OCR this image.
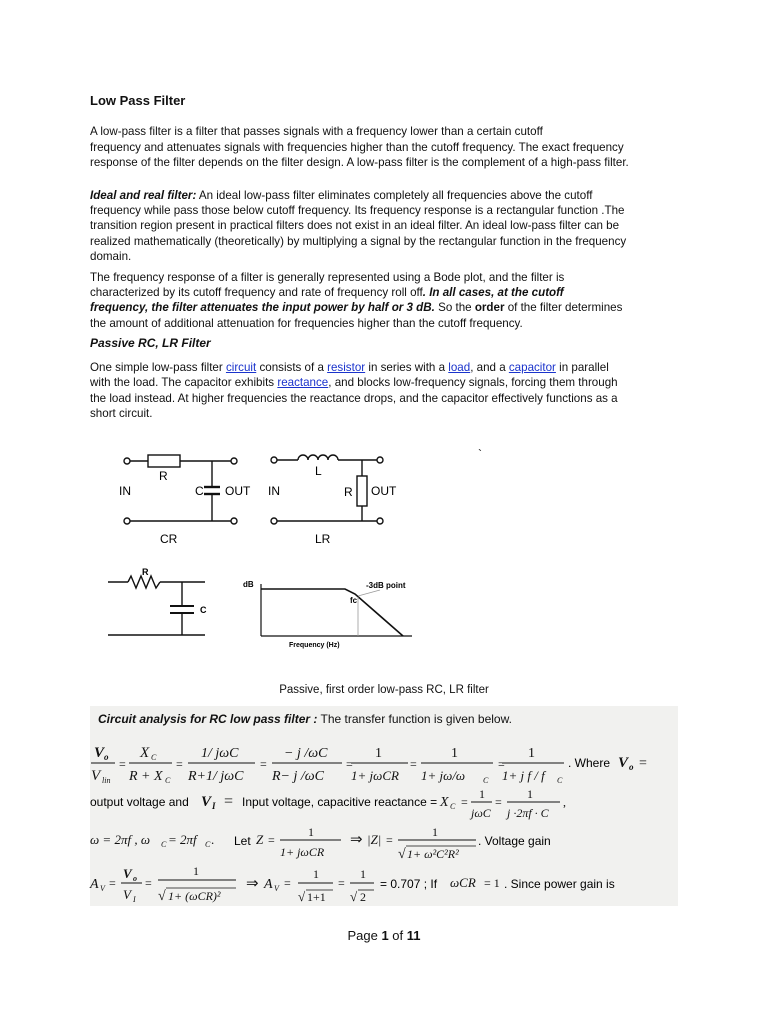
Low Pass Filter
A low-pass filter is a filter that passes signals with a frequency lower than a certain cutoff
frequency and attenuates signals with frequencies higher than the cutoff frequency. The exact frequency
response of the filter depends on the filter design. A low-pass filter is the complement of a high-pass filter.
Ideal and real filter: An ideal low-pass filter eliminates completely all frequencies above the cutoff
frequency while pass those below cutoff frequency. Its frequency response is a rectangular function .The
transition region present in practical filters does not exist in an ideal filter. An ideal low-pass filter can be
realized mathematically (theoretically) by multiplying a signal by the rectangular function in the frequency
domain.
The frequency response of a filter is generally represented using a Bode plot, and the filter is
characterized by its cutoff frequency and rate of frequency roll off. In all cases, at the cutoff
frequency, the filter attenuates the input power by half or 3 dB. So the order of the filter determines
the amount of additional attenuation for frequencies higher than the cutoff frequency.
Passive RC, LR Filter
One simple low-pass filter circuit consists of a resistor in series with a load, and a capacitor in parallel
with the load. The capacitor exhibits reactance, and blocks low-frequency signals, forcing them through
the load instead. At higher frequencies the reactance drops, and the capacitor effectively functions as a
short circuit.
R
IN	C OUT
CR
L
IN	R OUT
LR
`
R
C
dB	-3dB point
fc
Frequency (Hz)
Passive, first order low-pass RC, LR filter
Circuit analysis for RC low pass filter : The transfer function is given below.
V o
V lin
=
X C
R + X C
=
1/ jωC
R+1/ jωC
=
− j /ωC
R− j /ωC
=
1
1+ jωCR
=
1
1+ jω/ω C
=
1
1+ j f / f C
. Where V o =
output voltage and V I = Input voltage, capacitive reactance = X C =
1
jωC
=
1
j ·2πf · C
,
ω = 2πf , ω C = 2πf C . Let Z =
1
1+ jωCR
⇒ |Z| =
1
√ 1+ ω²C²R²
. Voltage gain
A V =
V o
V I
=
1
√ 1+ (ωCR)²
⇒ A V =
1
√ 1+1
=
1
√ 2
= 0.707 ; If ωCR = 1 . Since power gain is
Page 1 of 11
